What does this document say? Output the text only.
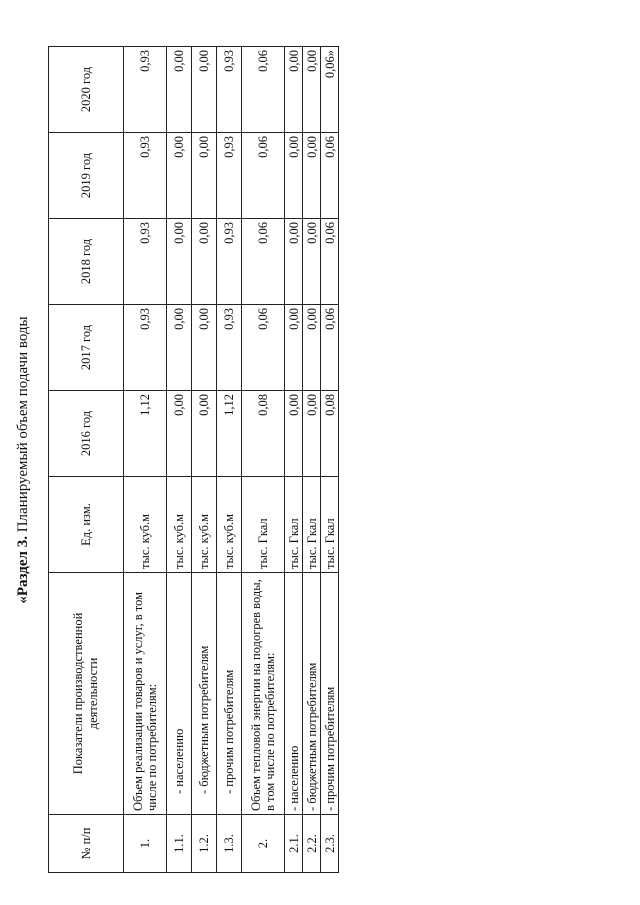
«Раздел 3. Планируемый объем подачи воды
№ п/п	Показатели производственной деятельности	Ед. изм.	2016 год	2017 год	2018 год	2019 год	2020 год
1.	Объем реализации товаров и услуг, в том числе по потребителям:	тыс. куб.м	1,12	0,93	0,93	0,93	0,93
1.1.	- населению	тыс. куб.м	0,00	0,00	0,00	0,00	0,00
1.2.	- бюджетным потребителям	тыс. куб.м	0,00	0,00	0,00	0,00	0,00
1.3.	- прочим потребителям	тыс. куб.м	1,12	0,93	0,93	0,93	0,93
2.	Объем тепловой энергии на подогрев воды, в том числе по потребителям:	тыс. Гкал	0,08	0,06	0,06	0,06	0,06
2.1.	- населению	тыс. Гкал	0,00	0,00	0,00	0,00	0,00
2.2.	- бюджетным потребителям	тыс. Гкал	0,00	0,00	0,00	0,00	0,00
2.3.	- прочим потребителям	тыс. Гкал	0,08	0,06	0,06	0,06	0,06»
